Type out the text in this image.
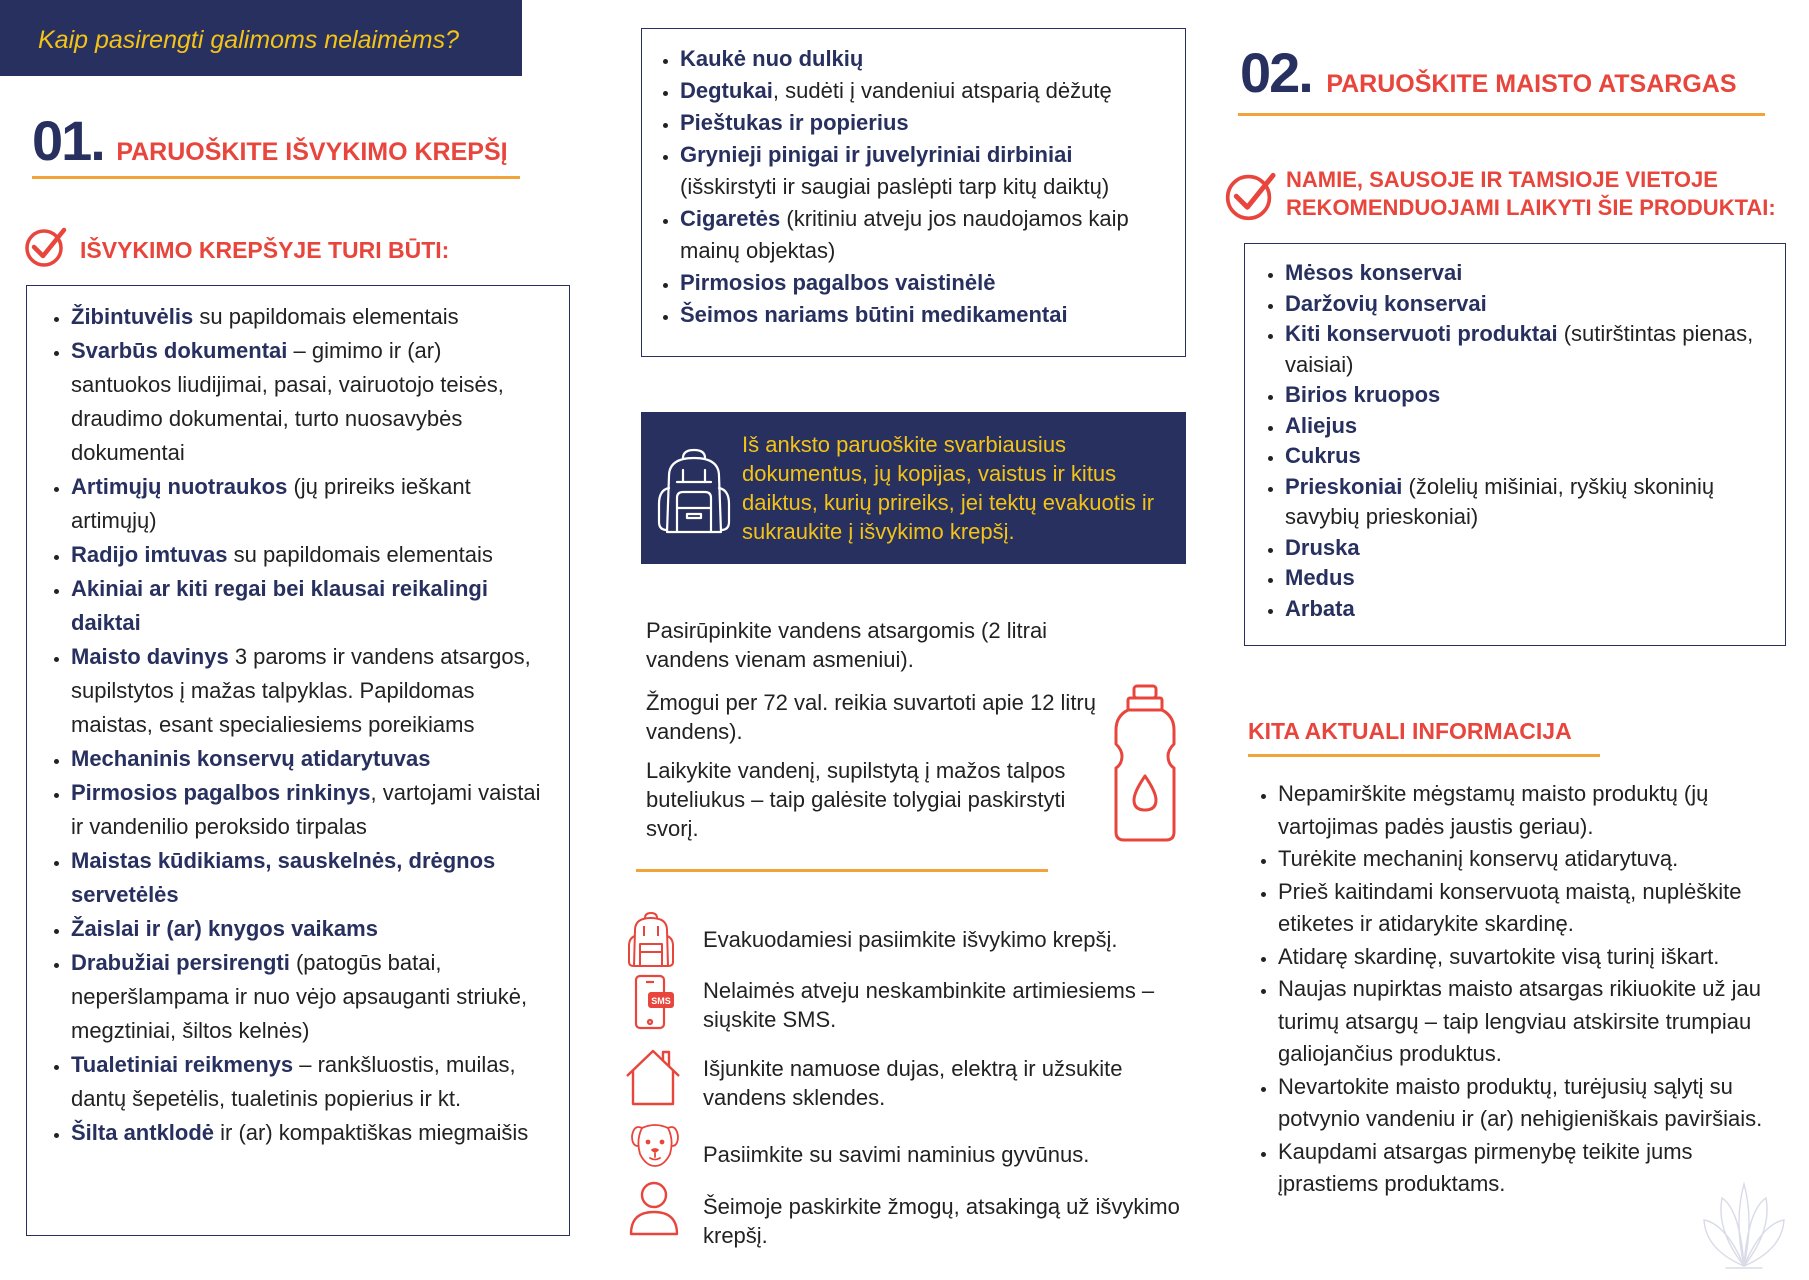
Kaip pasirengti galimoms nelaimėms?
01. PARUOŠKITE IŠVYKIMO KREPŠĮ
IŠVYKIMO KREPŠYJE TURI BŪTI:
• Žibintuvėlis su papildomais elementais
• Svarbūs dokumentai – gimimo ir (ar) santuokos liudijimai, pasai, vairuotojo teisės, draudimo dokumentai, turto nuosavybės dokumentai
• Artimųjų nuotraukos (jų prireiks ieškant artimųjų)
• Radijo imtuvas su papildomais elementais
• Akiniai ar kiti regai bei klausai reikalingi daiktai
• Maisto davinys 3 paroms ir vandens atsargos, supilstytos į mažas talpyklas. Papildomas maistas, esant specialiesiems poreikiams
• Mechaninis konservų atidarytuvas
• Pirmosios pagalbos rinkinys, vartojami vaistai ir vandenilio peroksido tirpalas
• Maistas kūdikiams, sauskelnės, drėgnos servetėlės
• Žaislai ir (ar) knygos vaikams
• Drabužiai persirengti (patogūs batai, neperšlampama ir nuo vėjo apsauganti striukė, megztiniai, šiltos kelnės)
• Tualetiniai reikmenys – rankšluostis, muilas, dantų šepetėlis, tualetinis popierius ir kt.
• Šilta antklodė ir (ar) kompaktiškas miegmaišis
• Kaukė nuo dulkių
• Degtukai, sudėti į vandeniui atsparią dėžutę
• Pieštukas ir popierius
• Grynieji pinigai ir juvelyriniai dirbiniai (išskirstyti ir saugiai paslėpti tarp kitų daiktų)
• Cigaretės (kritiniu atveju jos naudojamos kaip mainų objektas)
• Pirmosios pagalbos vaistinėlė
• Šeimos nariams būtini medikamentai
Iš anksto paruoškite svarbiausius dokumentus, jų kopijas, vaistus ir kitus daiktus, kurių prireiks, jei tektų evakuotis ir sukraukite į išvykimo krepšį.

Pasirūpinkite vandens atsargomis (2 litrai vandens vienam asmeniui).

Žmogui per 72 val. reikia suvartoti apie 12 litrų vandens).

Laikykite vandenį, supilstytą į mažos talpos buteliukus – taip galėsite tolygiai paskirstyti svorį.

Evakuodamiesi pasiimkite išvykimo krepšį.
SMS Nelaimės atveju neskambinkite artimiesiems – siųskite SMS.
Išjunkite namuose dujas, elektrą ir užsukite vandens sklendes.
Pasiimkite su savimi naminius gyvūnus.
Šeimoje paskirkite žmogų, atsakingą už išvykimo krepšį.
02. PARUOŠKITE MAISTO ATSARGAS
NAMIE, SAUSOJE IR TAMSIOJE VIETOJE
REKOMENDUOJAMI LAIKYTI ŠIE PRODUKTAI:
• Mėsos konservai
• Daržovių konservai
• Kiti konservuoti produktai (sutirštintas pienas, vaisiai)
• Birios kruopos
• Aliejus
• Cukrus
• Prieskoniai (žolelių mišiniai, ryškių skoninių savybių prieskoniai)
• Druska
• Medus
• Arbata
KITA AKTUALI INFORMACIJA
• Nepamirškite mėgstamų maisto produktų (jų vartojimas padės jaustis geriau).
• Turėkite mechaninį konservų atidarytuvą.
• Prieš kaitindami konservuotą maistą, nuplėškite etiketes ir atidarykite skardinę.
• Atidarę skardinę, suvartokite visą turinį iškart.
• Naujas nupirktas maisto atsargas rikiuokite už jau turimų atsargų – taip lengviau atskirsite trumpiau galiojančius produktus.
• Nevartokite maisto produktų, turėjusių sąlytį su potvynio vandeniu ir (ar) nehigieniškais paviršiais.
• Kaupdami atsargas pirmenybę teikite jums įprastiems produktams.
